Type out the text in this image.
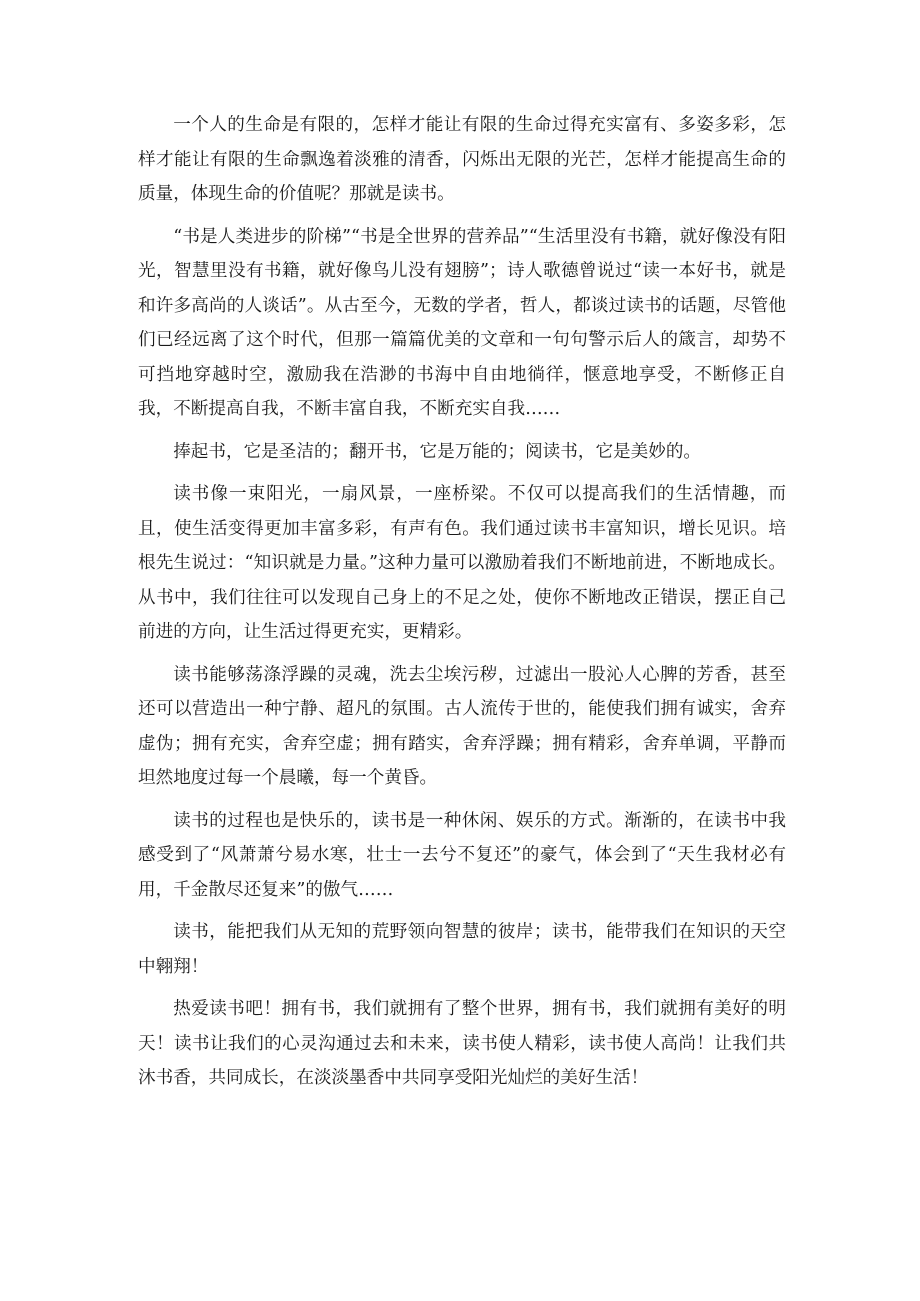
一个人的生命是有限的，怎样才能让有限的生命过得充实富有、多姿多彩，怎样才能让有限的生命飘逸着淡雅的清香，闪烁出无限的光芒，怎样才能提高生命的质量，体现生命的价值呢？那就是读书。

“书是人类进步的阶梯”“书是全世界的营养品”“生活里没有书籍，就好像没有阳光，智慧里没有书籍，就好像鸟儿没有翅膀”；诗人歌德曾说过“读一本好书，就是和许多高尚的人谈话”。从古至今，无数的学者，哲人，都谈过读书的话题，尽管他们已经远离了这个时代，但那一篇篇优美的文章和一句句警示后人的箴言，却势不可挡地穿越时空，激励我在浩渺的书海中自由地徜徉，惬意地享受，不断修正自我，不断提高自我，不断丰富自我，不断充实自我……

捧起书，它是圣洁的；翻开书，它是万能的；阅读书，它是美妙的。

读书像一束阳光，一扇风景，一座桥梁。不仅可以提高我们的生活情趣，而且，使生活变得更加丰富多彩，有声有色。我们通过读书丰富知识，增长见识。培根先生说过：“知识就是力量。”这种力量可以激励着我们不断地前进，不断地成长。从书中，我们往往可以发现自己身上的不足之处，使你不断地改正错误，摆正自己前进的方向，让生活过得更充实，更精彩。

读书能够荡涤浮躁的灵魂，洗去尘埃污秽，过滤出一股沁人心脾的芳香，甚至还可以营造出一种宁静、超凡的氛围。古人流传于世的，能使我们拥有诚实，舍弃虚伪；拥有充实，舍弃空虚；拥有踏实，舍弃浮躁；拥有精彩，舍弃单调，平静而坦然地度过每一个晨曦，每一个黄昏。

读书的过程也是快乐的，读书是一种休闲、娱乐的方式。渐渐的，在读书中我感受到了“风萧萧兮易水寒，壮士一去兮不复还”的豪气，体会到了“天生我材必有用，千金散尽还复来”的傲气……

读书，能把我们从无知的荒野领向智慧的彼岸；读书，能带我们在知识的天空中翱翔！

热爱读书吧！拥有书，我们就拥有了整个世界，拥有书，我们就拥有美好的明天！读书让我们的心灵沟通过去和未来，读书使人精彩，读书使人高尚！让我们共沐书香，共同成长，在淡淡墨香中共同享受阳光灿烂的美好生活！
